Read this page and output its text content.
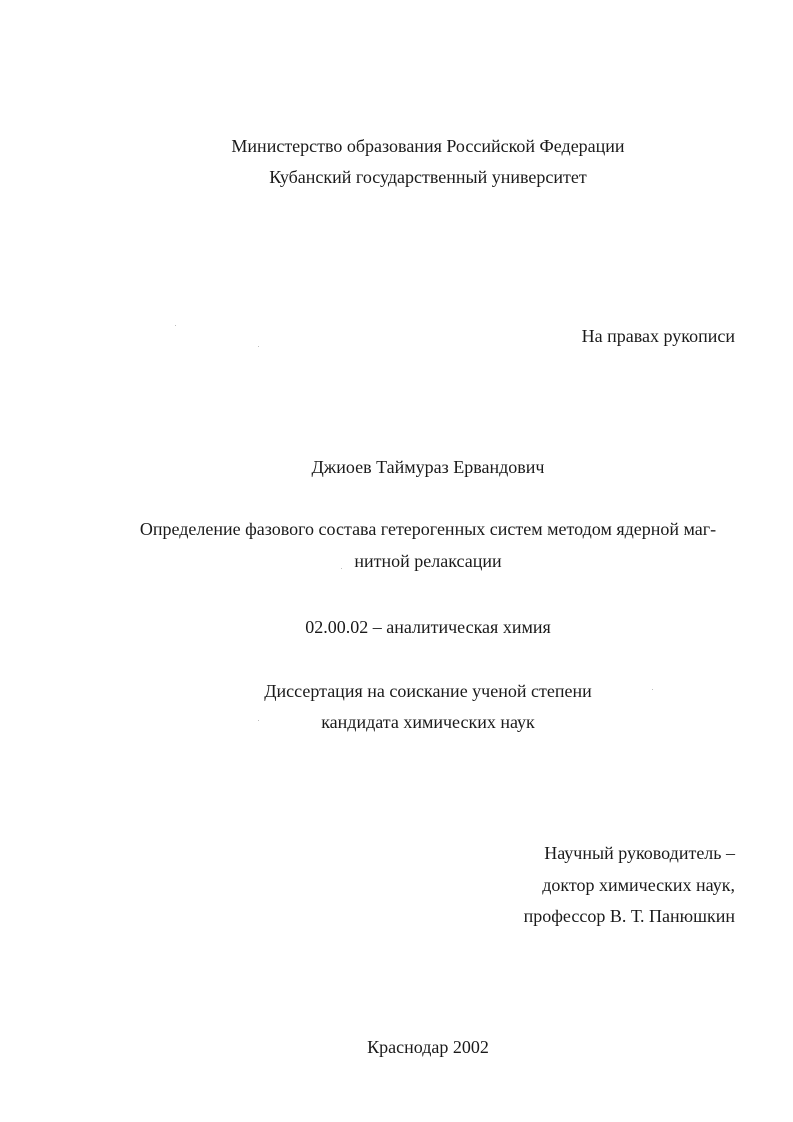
Министерство образования Российской Федерации

Кубанский государственный университет

На правах рукописи

Джиоев Таймураз Ервандович

Определение фазового состава гетерогенных систем методом ядерной маг-

нитной релаксации

02.00.02 – аналитическая химия

Диссертация на соискание ученой степени

кандидата химических наук

Научный руководитель –

доктор химических наук,

профессор В. Т. Панюшкин

Краснодар 2002
